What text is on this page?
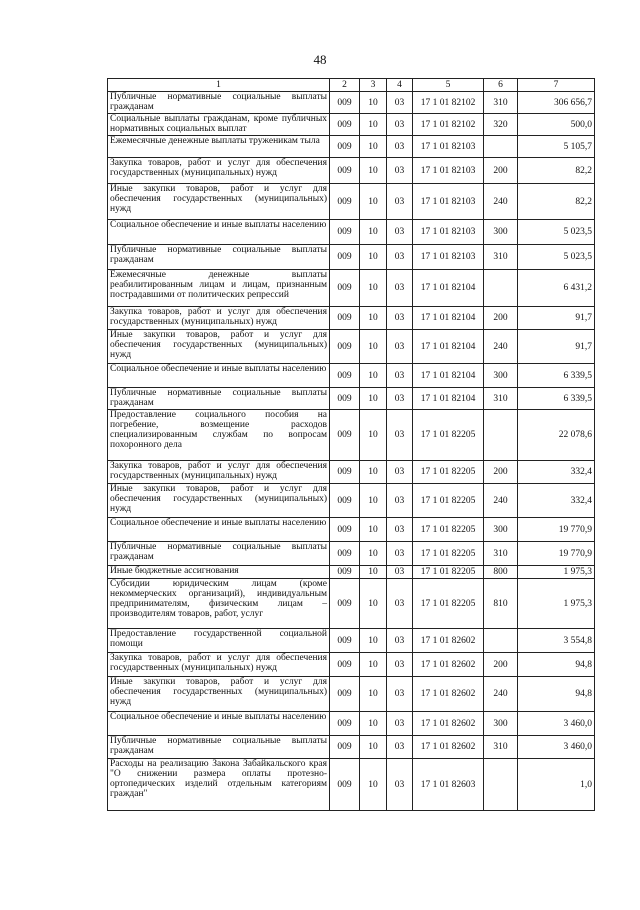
48
1	2	3	4	5	6	7
Публичные нормативные социальные выплаты гражданам	009	10	03	17 1 01 82102	310	306 656,7
Социальные выплаты гражданам, кроме публичных нормативных социальных выплат	009	10	03	17 1 01 82102	320	500,0
Ежемесячные денежные выплаты труженикам тыла	009	10	03	17 1 01 82103		5 105,7
Закупка товаров, работ и услуг для обеспечения государственных (муниципальных) нужд	009	10	03	17 1 01 82103	200	82,2
Иные закупки товаров, работ и услуг для обеспечения государственных (муниципальных) нужд	009	10	03	17 1 01 82103	240	82,2
Социальное обеспечение и иные выплаты населению	009	10	03	17 1 01 82103	300	5 023,5
Публичные нормативные социальные выплаты гражданам	009	10	03	17 1 01 82103	310	5 023,5
Ежемесячные денежные выплаты реабилитированным лицам и лицам, признанным пострадавшими от политических репрессий	009	10	03	17 1 01 82104		6 431,2
Закупка товаров, работ и услуг для обеспечения государственных (муниципальных) нужд	009	10	03	17 1 01 82104	200	91,7
Иные закупки товаров, работ и услуг для обеспечения государственных (муниципальных) нужд	009	10	03	17 1 01 82104	240	91,7
Социальное обеспечение и иные выплаты населению	009	10	03	17 1 01 82104	300	6 339,5
Публичные нормативные социальные выплаты гражданам	009	10	03	17 1 01 82104	310	6 339,5
Предоставление социального пособия на погребение, возмещение расходов специализированным службам по вопросам похоронного дела	009	10	03	17 1 01 82205		22 078,6
Закупка товаров, работ и услуг для обеспечения государственных (муниципальных) нужд	009	10	03	17 1 01 82205	200	332,4
Иные закупки товаров, работ и услуг для обеспечения государственных (муниципальных) нужд	009	10	03	17 1 01 82205	240	332,4
Социальное обеспечение и иные выплаты населению	009	10	03	17 1 01 82205	300	19 770,9
Публичные нормативные социальные выплаты гражданам	009	10	03	17 1 01 82205	310	19 770,9
Иные бюджетные ассигнования	009	10	03	17 1 01 82205	800	1 975,3
Субсидии юридическим лицам (кроме некоммерческих организаций), индивидуальным предпринимателям, физическим лицам – производителям товаров, работ, услуг	009	10	03	17 1 01 82205	810	1 975,3
Предоставление государственной социальной помощи	009	10	03	17 1 01 82602		3 554,8
Закупка товаров, работ и услуг для обеспечения государственных (муниципальных) нужд	009	10	03	17 1 01 82602	200	94,8
Иные закупки товаров, работ и услуг для обеспечения государственных (муниципальных) нужд	009	10	03	17 1 01 82602	240	94,8
Социальное обеспечение и иные выплаты населению	009	10	03	17 1 01 82602	300	3 460,0
Публичные нормативные социальные выплаты гражданам	009	10	03	17 1 01 82602	310	3 460,0
Расходы на реализацию Закона Забайкальского края "О снижении размера оплаты протезно-ортопедических изделий отдельным категориям граждан"	009	10	03	17 1 01 82603		1,0
